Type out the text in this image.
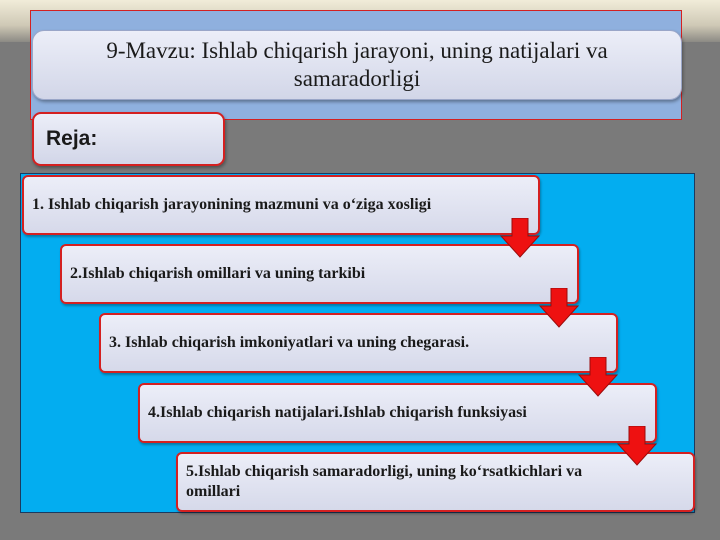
9-Mavzu: Ishlab chiqarish jarayoni, uning natijalari va samaradorligi
Reja:
1. Ishlab chiqarish jarayonining mazmuni va o‘ziga xosligi
2.Ishlab chiqarish omillari va uning tarkibi
3. Ishlab chiqarish imkoniyatlari va uning chegarasi.
4.Ishlab chiqarish natijalari.Ishlab chiqarish funksiyasi
5.Ishlab chiqarish samaradorligi, uning ko‘rsatkichlari va omillari
